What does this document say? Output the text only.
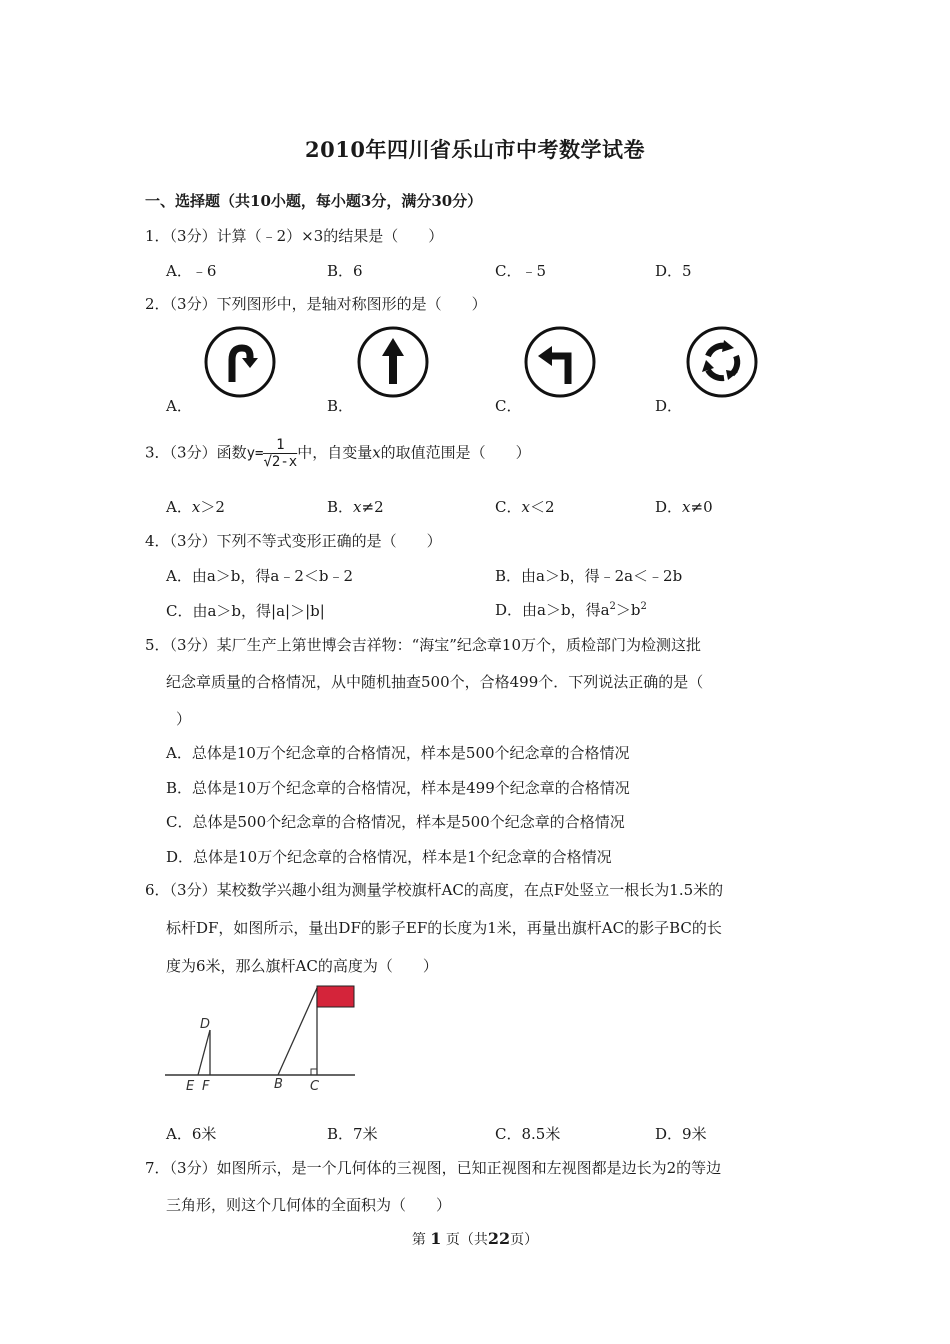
2010年四川省乐山市中考数学试卷
一、选择题（共10小题，每小题3分，满分30分）
1．（3分）计算（﹣2）×3的结果是（　　）
A．﹣6	B．6	C．﹣5	D．5
2．（3分）下列图形中，是轴对称图形的是（　　）
A．	B．	C．	D．
3．（3分）函数$y= \frac{1}{√2-x}$ 中，自变量x的取值范围是（　　）
A．x＞2	B．x≠2	C．x＜2	D．x≠0
4．（3分）下列不等式变形正确的是（　　）
A．由a＞b，得a﹣2＜b﹣2	B．由a＞b，得﹣2a＜﹣2b
C．由a＞b，得|a|＞|b|	D．由a＞b，得$a^2>b^2$
5．（3分）某厂生产上第世博会吉祥物：“海宝”纪念章10万个，质检部门为检测这批
纪念章质量的合格情况，从中随机抽查500个，合格499个．下列说法正确的是（
）
A．总体是10万个纪念章的合格情况，样本是500个纪念章的合格情况
B．总体是10万个纪念章的合格情况，样本是499个纪念章的合格情况
C．总体是500个纪念章的合格情况，样本是500个纪念章的合格情况
D．总体是10万个纪念章的合格情况，样本是1个纪念章的合格情况
6．（3分）某校数学兴趣小组为测量学校旗杆AC的高度，在点F处竖立一根长为1.5米的
标杆DF，如图所示，量出DF的影子EF的长度为1米，再量出旗杆AC的影子BC的长
度为6米，那么旗杆AC的高度为（　　）
D
E F	B C
A．6米	B．7米	C．8.5米	D．9米
7．（3分）如图所示，是一个几何体的三视图，已知正视图和左视图都是边长为2的等边
三角形，则这个几何体的全面积为（　　）
第 1 页（共22页）
